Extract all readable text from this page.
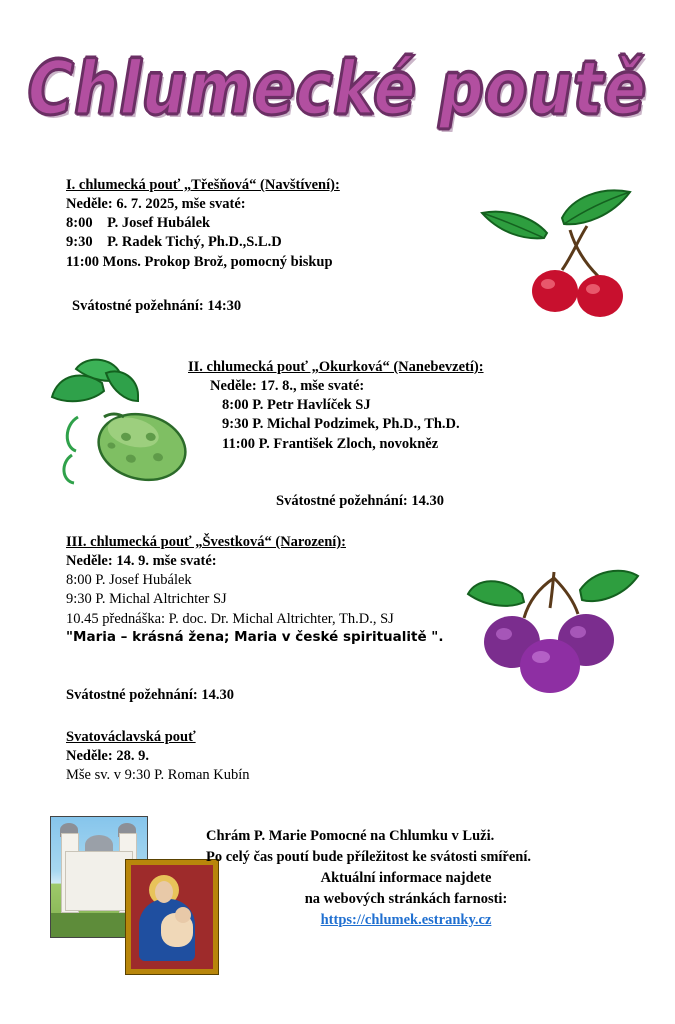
Chlumecké poutě
I. chlumecká pouť „Třešňová“ (Navštívení):
Neděle: 6. 7. 2025, mše svaté:
8:00    P. Josef Hubálek
9:30    P. Radek Tichý, Ph.D.,S.L.D
11:00 Mons. Prokop Brož, pomocný biskup
Svátostné požehnání: 14:30
II. chlumecká pouť „Okurková“ (Nanebevzetí):
Neděle: 17. 8., mše svaté:
8:00 P. Petr Havlíček SJ
9:30 P. Michal Podzimek, Ph.D., Th.D.
11:00 P. František Zloch, novokněz
Svátostné požehnání: 14.30
III. chlumecká pouť „Švestková“ (Narození):
Neděle: 14. 9. mše svaté:
8:00 P. Josef Hubálek
9:30 P. Michal Altrichter SJ
10.45 přednáška: P. doc. Dr. Michal Altrichter, Th.D., SJ
"Maria – krásná žena; Maria v české spiritualitě ".
Svátostné požehnání: 14.30
Svatováclavská pouť
Neděle: 28. 9.
Mše sv. v 9:30 P. Roman Kubín
Chrám P. Marie Pomocné na Chlumku v Luži.
Po celý čas poutí bude příležitost ke svátosti smíření.
Aktuální informace najdete
na webových stránkách farnosti:
https://chlumek.estranky.cz
